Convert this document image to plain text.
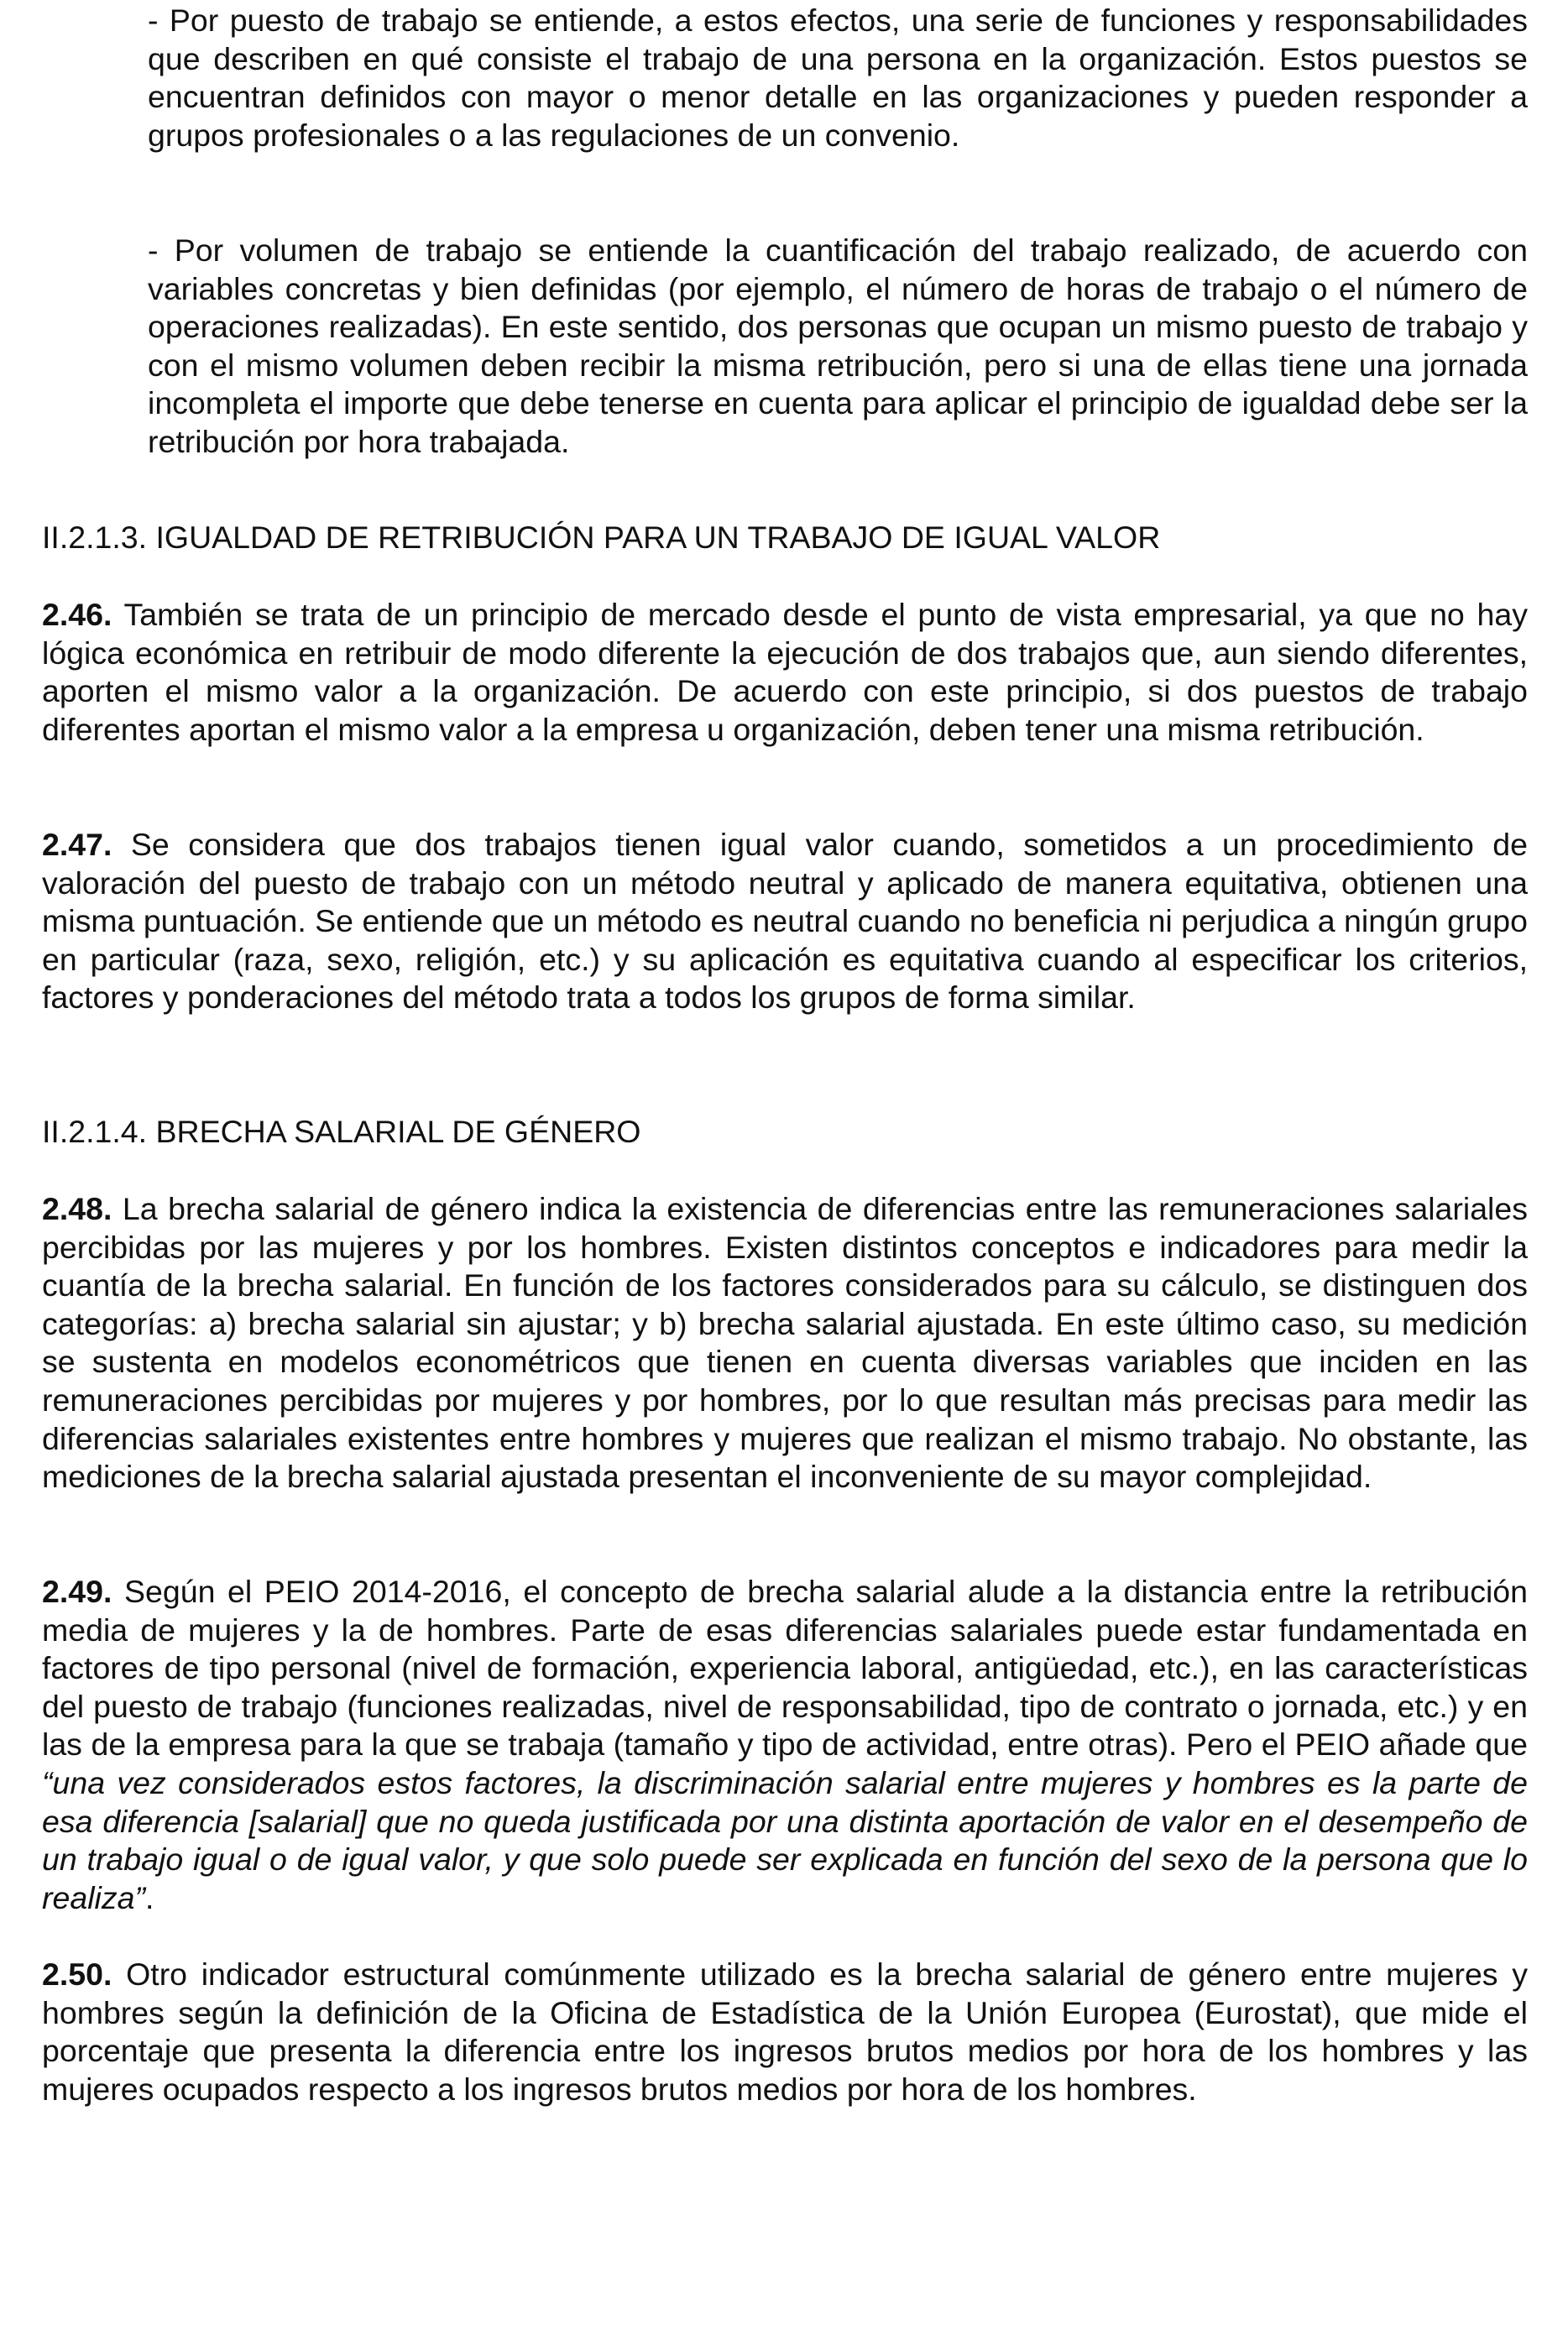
- Por puesto de trabajo se entiende, a estos efectos, una serie de funciones y responsabilidades que describen en qué consiste el trabajo de una persona en la organización. Estos puestos se encuentran definidos con mayor o menor detalle en las organizaciones y pueden responder a grupos profesionales o a las regulaciones de un convenio.

- Por volumen de trabajo se entiende la cuantificación del trabajo realizado, de acuerdo con variables concretas y bien definidas (por ejemplo, el número de horas de trabajo o el número de operaciones realizadas). En este sentido, dos personas que ocupan un mismo puesto de trabajo y con el mismo volumen deben recibir la misma retribución, pero si una de ellas tiene una jornada incompleta el importe que debe tenerse en cuenta para aplicar el principio de igualdad debe ser la retribución por hora trabajada.

II.2.1.3. IGUALDAD DE RETRIBUCIÓN PARA UN TRABAJO DE IGUAL VALOR

2.46. También se trata de un principio de mercado desde el punto de vista empresarial, ya que no hay lógica económica en retribuir de modo diferente la ejecución de dos trabajos que, aun siendo diferentes, aporten el mismo valor a la organización. De acuerdo con este principio, si dos puestos de trabajo diferentes aportan el mismo valor a la empresa u organización, deben tener una misma retribución.

2.47. Se considera que dos trabajos tienen igual valor cuando, sometidos a un procedimiento de valoración del puesto de trabajo con un método neutral y aplicado de manera equitativa, obtienen una misma puntuación. Se entiende que un método es neutral cuando no beneficia ni perjudica a ningún grupo en particular (raza, sexo, religión, etc.) y su aplicación es equitativa cuando al especificar los criterios, factores y ponderaciones del método trata a todos los grupos de forma similar.

II.2.1.4. BRECHA SALARIAL DE GÉNERO

2.48. La brecha salarial de género indica la existencia de diferencias entre las remuneraciones salariales percibidas por las mujeres y por los hombres. Existen distintos conceptos e indicadores para medir la cuantía de la brecha salarial. En función de los factores considerados para su cálculo, se distinguen dos categorías: a) brecha salarial sin ajustar; y b) brecha salarial ajustada. En este último caso, su medición se sustenta en modelos econométricos que tienen en cuenta diversas variables que inciden en las remuneraciones percibidas por mujeres y por hombres, por lo que resultan más precisas para medir las diferencias salariales existentes entre hombres y mujeres que realizan el mismo trabajo. No obstante, las mediciones de la brecha salarial ajustada presentan el inconveniente de su mayor complejidad.

2.49. Según el PEIO 2014-2016, el concepto de brecha salarial alude a la distancia entre la retribución media de mujeres y la de hombres. Parte de esas diferencias salariales puede estar fundamentada en factores de tipo personal (nivel de formación, experiencia laboral, antigüedad, etc.), en las características del puesto de trabajo (funciones realizadas, nivel de responsabilidad, tipo de contrato o jornada, etc.) y en las de la empresa para la que se trabaja (tamaño y tipo de actividad, entre otras). Pero el PEIO añade que “una vez considerados estos factores, la discriminación salarial entre mujeres y hombres es la parte de esa diferencia [salarial] que no queda justificada por una distinta aportación de valor en el desempeño de un trabajo igual o de igual valor, y que solo puede ser explicada en función del sexo de la persona que lo realiza”.

2.50. Otro indicador estructural comúnmente utilizado es la brecha salarial de género entre mujeres y hombres según la definición de la Oficina de Estadística de la Unión Europea (Eurostat), que mide el porcentaje que presenta la diferencia entre los ingresos brutos medios por hora de los hombres y las mujeres ocupados respecto a los ingresos brutos medios por hora de los hombres.
